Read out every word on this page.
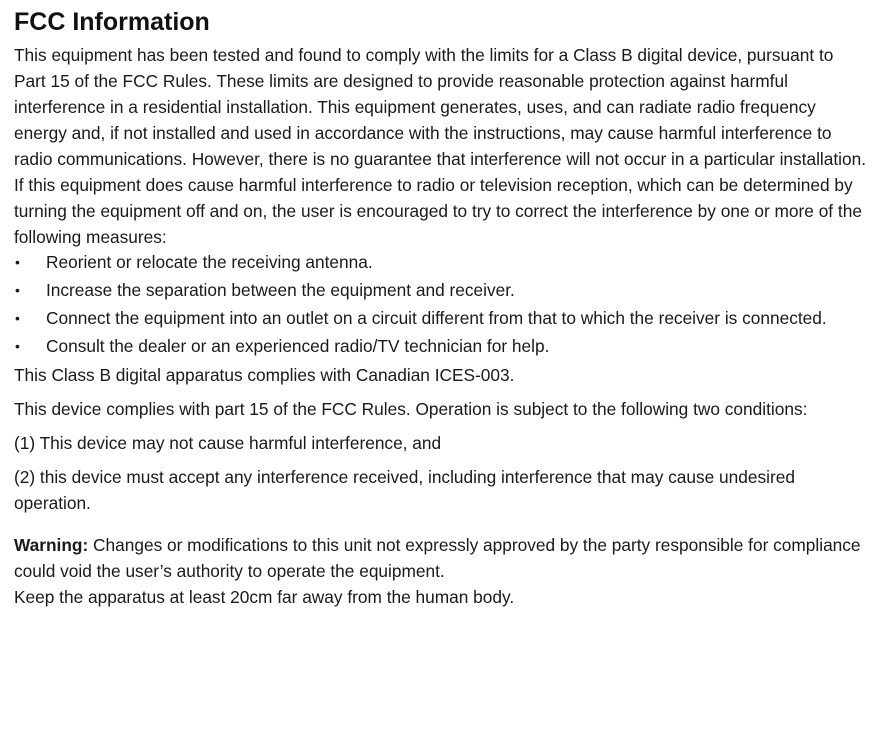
FCC Information

This equipment has been tested and found to comply with the limits for a Class B digital device, pursuant to Part 15 of the FCC Rules. These limits are designed to provide reasonable protection against harmful interference in a residential installation. This equipment generates, uses, and can radiate radio frequency energy and, if not installed and used in accordance with the instructions, may cause harmful interference to radio communications. However, there is no guarantee that interference will not occur in a particular installation. If this equipment does cause harmful interference to radio or television reception, which can be determined by turning the equipment off and on, the user is encouraged to try to correct the interference by one or more of the following measures:

• Reorient or relocate the receiving antenna.
• Increase the separation between the equipment and receiver.
• Connect the equipment into an outlet on a circuit different from that to which the receiver is connected.
• Consult the dealer or an experienced radio/TV technician for help.

This Class B digital apparatus complies with Canadian ICES-003.

This device complies with part 15 of the FCC Rules. Operation is subject to the following two conditions:

(1) This device may not cause harmful interference, and

(2) this device must accept any interference received, including interference that may cause undesired operation.

Warning: Changes or modifications to this unit not expressly approved by the party responsible for compliance could void the user’s authority to operate the equipment.

Keep the apparatus at least 20cm far away from the human body.
